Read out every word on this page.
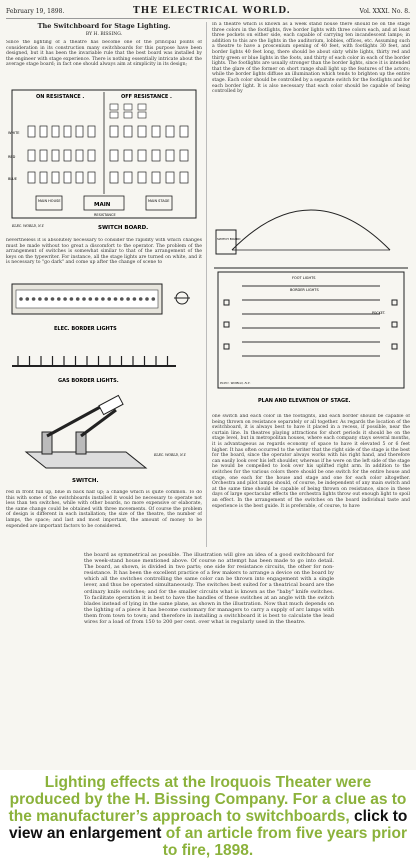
February 19, 1898.	THE ELECTRICAL WORLD.	Vol. XXXI. No. 8.
The Switchboard for Stage Lighting.
BY H. BISSING.
Since the lighting of a theatre has become one of the principal points of consideration in its construction many switchboards for this purpose have been designed, but it has been the invariable rule that the best board was installed by the engineer with stage experience. There is nothing essentially intricate about the average stage board; in fact one should always aim at simplicity in its design;
ON RESISTANCE .	OFF RESISTANCE .
WHITE
RED
BLUE
MAIN HOUSE
MAIN
MAIN STAGE
RESISTANCE
ELEC. WORLD, N.Y.	SWITCH BOARD.
nevertheless it is absolutely necessary to consider the rapidity with which changes must be made without too great a discomfort to the operator. The problem of the arrangement of switches is somewhat similar to that of the arrangement of the keys on the typewriter. For instance, all the stage lights are turned on white, and it is necessary to "go dark" and come up after the change of scene to
ELEC. BORDER LIGHTS
GAS BORDER LIGHTS.
ELEC. WORLD, N.Y.
SWITCH.
red in front full up, blue in back half up; a change which is quite common. To do this with some of the switchboards installed it would be necessary to operate not less than ten switches, while with other boards, no more expensive or elaborate, the same change could be obtained with three movements. Of course the problem of design is different in each installation; the size of the theatre, the number of lamps, the space; and last and most important, the amount of money to be expended are important factors to be considered.
In a theatre which is known as a week stand house there should be on the stage three colors in the footlights, five border lights with three colors each, and at least three pockets on either side, each capable of carrying ten incandescent lamps; in addition to this are the lights in the auditorium, lobbies, offices, etc. Assuming such a theatre to have a proscenium opening of 40 feet, with footlights 30 feet, and border lights 40 feet long, there should be about sixty white lights, thirty red and thirty green or blue lights in the foots, and thirty of each color in each of the border lights. The footlights are usually stronger than the border lights, since it is intended that the glare of the former on short range shall light up the features of the actors; while the border lights diffuse an illumination which tends to brighten up the entire stage. Each color should be controlled by a separate switch for the footlights and for each border light. It is also necessary that each color should be capable of being controlled by
SWITCH BOARD
FOOT LIGHTS
BORDER LIGHTS
POCKET.
ELEC. WORLD, N.Y.
PLAN AND ELEVATION OF STAGE.
one switch and each color in the footlights, and each border should be capable of being thrown on resistance separately or all together. As regards the location of the switchboard, it is always best to have it placed in a recess, if possible, near the curtain line. In theatres playing attractions for short periods it should be on the stage level, but in metropolitan houses, where each company stays several months, it is advantageous as regards economy of space to have it elevated 5 or 6 feet higher. It has often occurred to the writer that the right side of the stage is the best for the board, since the operator always works with his right hand, and therefore can easily look over his left shoulder, whereas if he were on the left side of the stage he would be compelled to look over his uplifted right arm. In addition to the switches for the various colors there should be one switch for the entire house and stage, one each for the house and stage and one for each color altogether. Orchestra and pilot lamps should, of course, be independent of any main switch and at the same time should be capable of being thrown on resistance, since in these days of large spectacular effects the orchestra lights throw out enough light to spoil an effect. In the arrangement of the switches on the board individual taste and experience is the best guide. It is preferable, of course, to have
the board as symmetrical as possible. The illustration will give an idea of a good switchboard for the week-stand house mentioned above. Of course no attempt has been made to go into detail. The board, as shown, is divided in two parts; one side for resistance circuits, the other for non-resistance. It has been the excellent practice of a few makers to arrange a device on the board by which all the switches controlling the same color can be thrown into engagement with a single lever, and thus be operated simultaneously. The switches best suited for a theatrical board are the ordinary knife switches; and for the smaller circuits what is known as the "baby" knife switches. To facilitate operation it is best to have the handles of these switches at an angle with the switch blades instead of lying in the same plane, as shown in the illustration. Now that much depends on the lighting of a piece it has become customary for managers to carry a supply of arc lamps with them from town to town; and therefore in installing a switchboard it is best to calculate the lead wires for a load of from 150 to 200 per cent. over what is regularly used in the theatre.
Lighting effects at the Iroquois Theater were produced by the H. Bissing Company. For a clue as to the manufacturer’s approach to switchboards, click to view an enlargement of an article from five years prior to fire, 1898.
